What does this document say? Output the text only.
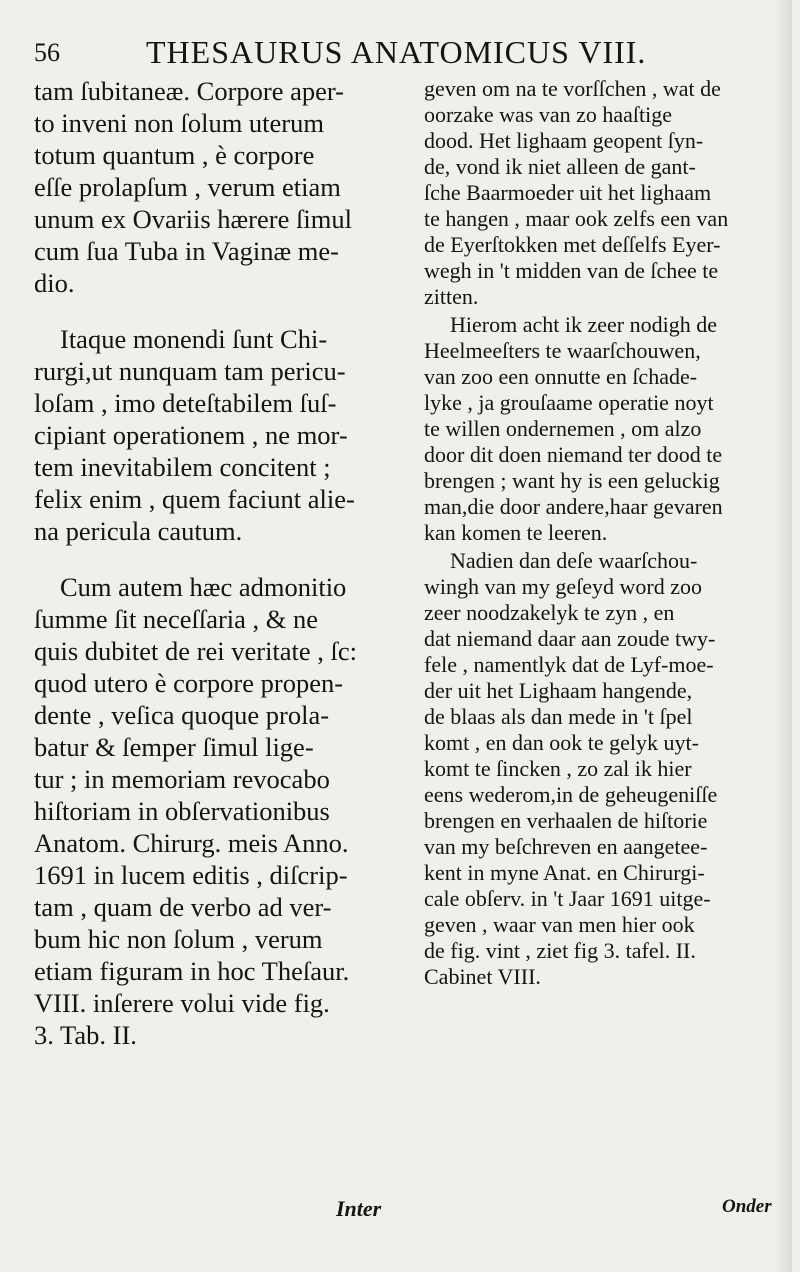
56	THESAURUS ANATOMICUS VIII.
tam ſubitaneæ. Corpore aper-
to inveni non ſolum uterum
totum quantum , è corpore
eſſe prolapſum , verum etiam
unum ex Ovariis hærere ſimul
cum ſua Tuba in Vaginæ me-
dio.
Itaque monendi ſunt Chi-
rurgi,ut nunquam tam pericu-
loſam , imo deteſtabilem ſuſ-
cipiant operationem , ne mor-
tem inevitabilem concitent ;
felix enim , quem faciunt alie-
na pericula cautum.
Cum autem hæc admonitio
ſumme ſit neceſſaria , & ne
quis dubitet de rei veritate , ſc:
quod utero è corpore propen-
dente , veſica quoque prola-
batur & ſemper ſimul lige-
tur ; in memoriam revocabo
hiſtoriam in obſervationibus
Anatom. Chirurg. meis Anno.
1691 in lucem editis , diſcrip-
tam , quam de verbo ad ver-
bum hic non ſolum , verum
etiam figuram in hoc Theſaur.
VIII. inſerere volui vide fig.
3. Tab. II.
geven om na te vorſſchen , wat de
oorzake was van zo haaſtige
dood. Het lighaam geopent ſyn-
de, vond ik niet alleen de gant-
ſche Baarmoeder uit het lighaam
te hangen , maar ook zelfs een van
de Eyerſtokken met deſſelfs Eyer-
wegh in 't midden van de ſchee te
zitten.
Hierom acht ik zeer nodigh de
Heelmeeſters te waarſchouwen,
van zoo een onnutte en ſchade-
lyke , ja grouſaame operatie noyt
te willen ondernemen , om alzo
door dit doen niemand ter dood te
brengen ; want hy is een geluckig
man,die door andere,haar gevaren
kan komen te leeren.
Nadien dan deſe waarſchou-
wingh van my geſeyd word zoo
zeer noodzakelyk te zyn , en
dat niemand daar aan zoude twy-
fele , namentlyk dat de Lyf-moe-
der uit het Lighaam hangende,
de blaas als dan mede in 't ſpel
komt , en dan ook te gelyk uyt-
komt te ſincken , zo zal ik hier
eens wederom,in de geheugeniſſe
brengen en verhaalen de hiſtorie
van my beſchreven en aangetee-
kent in myne Anat. en Chirurgi-
cale obſerv. in 't Jaar 1691 uitge-
geven , waar van men hier ook
de fig. vint , ziet fig 3. tafel. II.
Cabinet VIII.
Inter	Onder
